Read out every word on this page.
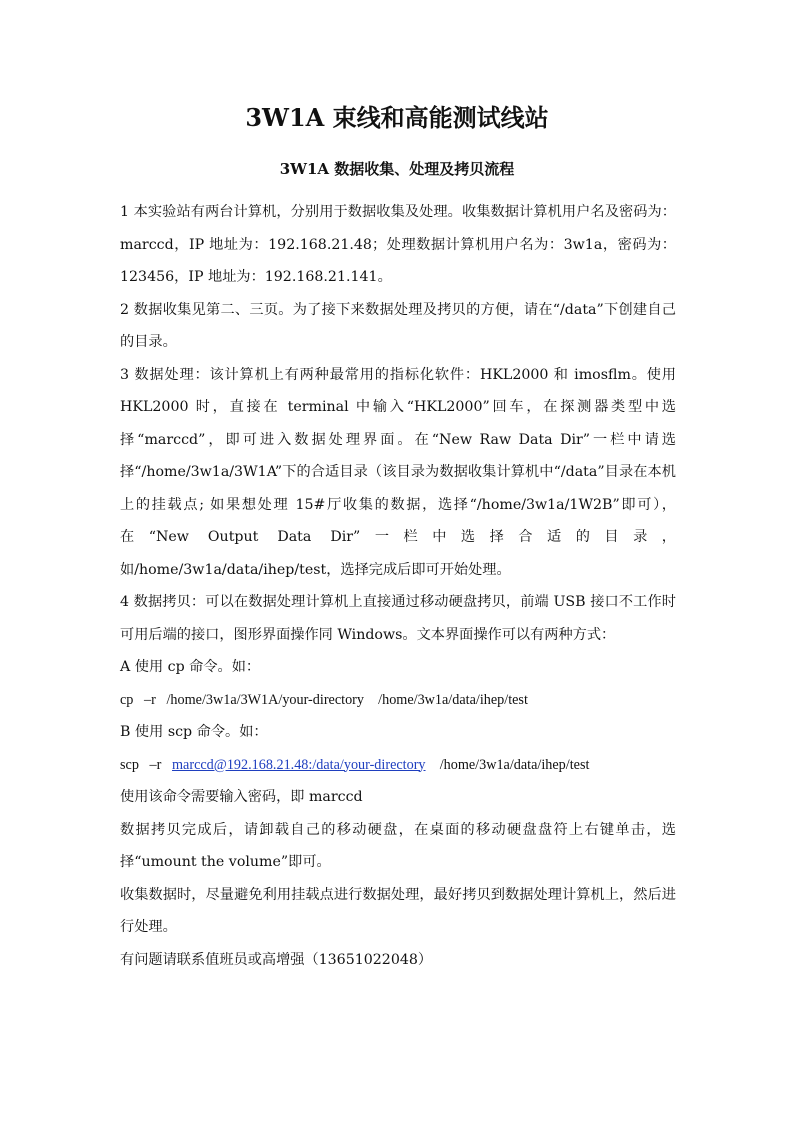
3W1A 束线和高能测试线站
3W1A 数据收集、处理及拷贝流程

1 本实验站有两台计算机，分别用于数据收集及处理。收集数据计算机用户名及密码为：marccd，IP 地址为：192.168.21.48；处理数据计算机用户名为：3w1a，密码为：123456，IP 地址为：192.168.21.141。

2 数据收集见第二、三页。为了接下来数据处理及拷贝的方便，请在“/data”下创建自己的目录。

3 数据处理：该计算机上有两种最常用的指标化软件：HKL2000 和 imosflm。使用 HKL2000 时，直接在 terminal 中输入“HKL2000”回车，在探测器类型中选择“marccd”，即可进入数据处理界面。在“New Raw Data Dir”一栏中请选择“/home/3w1a/3W1A”下的合适目录（该目录为数据收集计算机中“/data”目录在本机上的挂载点; 如果想处理 15#厅收集的数据，选择“/home/3w1a/1W2B”即可），在“New Output Data Dir”一栏中选择合适的目录，如/home/3w1a/data/ihep/test，选择完成后即可开始处理。

4 数据拷贝：可以在数据处理计算机上直接通过移动硬盘拷贝，前端 USB 接口不工作时可用后端的接口，图形界面操作同 Windows。文本界面操作可以有两种方式：

A 使用 cp 命令。如：

cp   –r   /home/3w1a/3W1A/your-directory    /home/3w1a/data/ihep/test

B 使用 scp 命令。如：

scp   –r   marccd@192.168.21.48:/data/your-directory    /home/3w1a/data/ihep/test

使用该命令需要输入密码，即 marccd

数据拷贝完成后，请卸载自己的移动硬盘，在桌面的移动硬盘盘符上右键单击，选择“umount the volume”即可。

收集数据时，尽量避免利用挂载点进行数据处理，最好拷贝到数据处理计算机上，然后进行处理。

有问题请联系值班员或高增强（13651022048）
